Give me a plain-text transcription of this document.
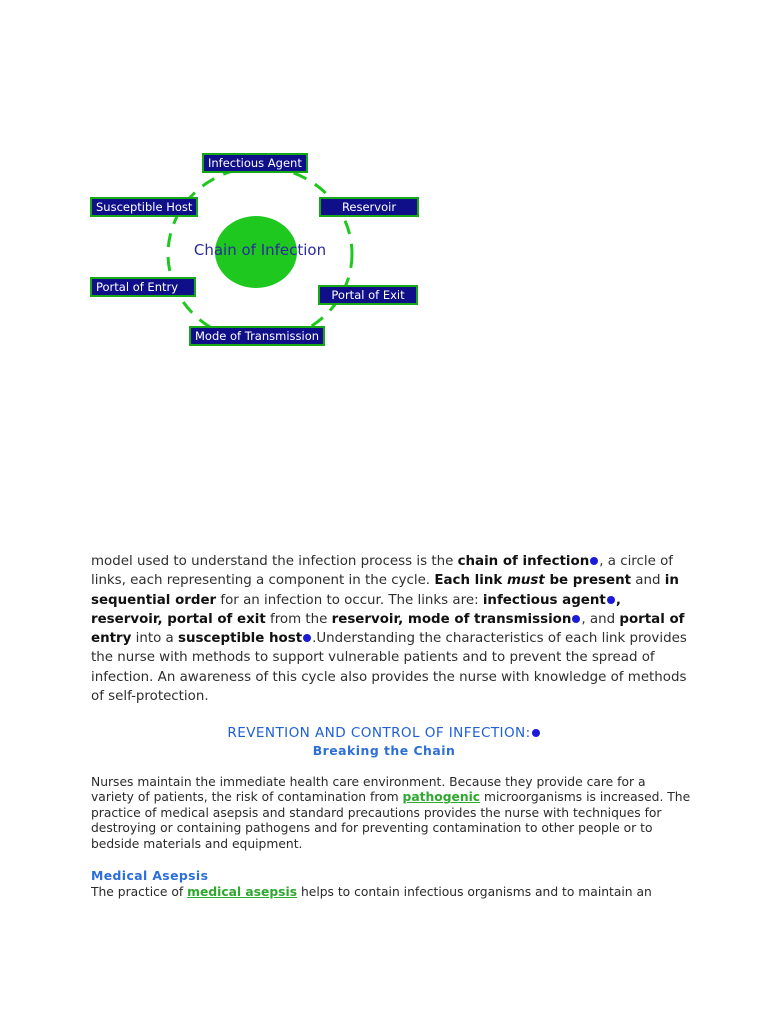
Chain of Infection
Infectious Agent
Reservoir
Portal of Exit
Mode of Transmission
Portal of Entry
Susceptible Host
model used to understand the infection process is the chain of infection , a circle of links, each representing a component in the cycle. Each link must be present and in sequential order for an infection to occur. The links are: infectious agent , reservoir, portal of exit from the reservoir, mode of transmission , and portal of entry into a susceptible host .Understanding the characteristics of each link provides the nurse with methods to support vulnerable patients and to prevent the spread of infection. An awareness of this cycle also provides the nurse with knowledge of methods of self-protection.
REVENTION AND CONTROL OF INFECTION:
Breaking the Chain
Nurses maintain the immediate health care environment. Because they provide care for a variety of patients, the risk of contamination from pathogenic microorganisms is increased. The practice of medical asepsis and standard precautions provides the nurse with techniques for destroying or containing pathogens and for preventing contamination to other people or to bedside materials and equipment.
Medical Asepsis
The practice of medical asepsis helps to contain infectious organisms and to maintain an
